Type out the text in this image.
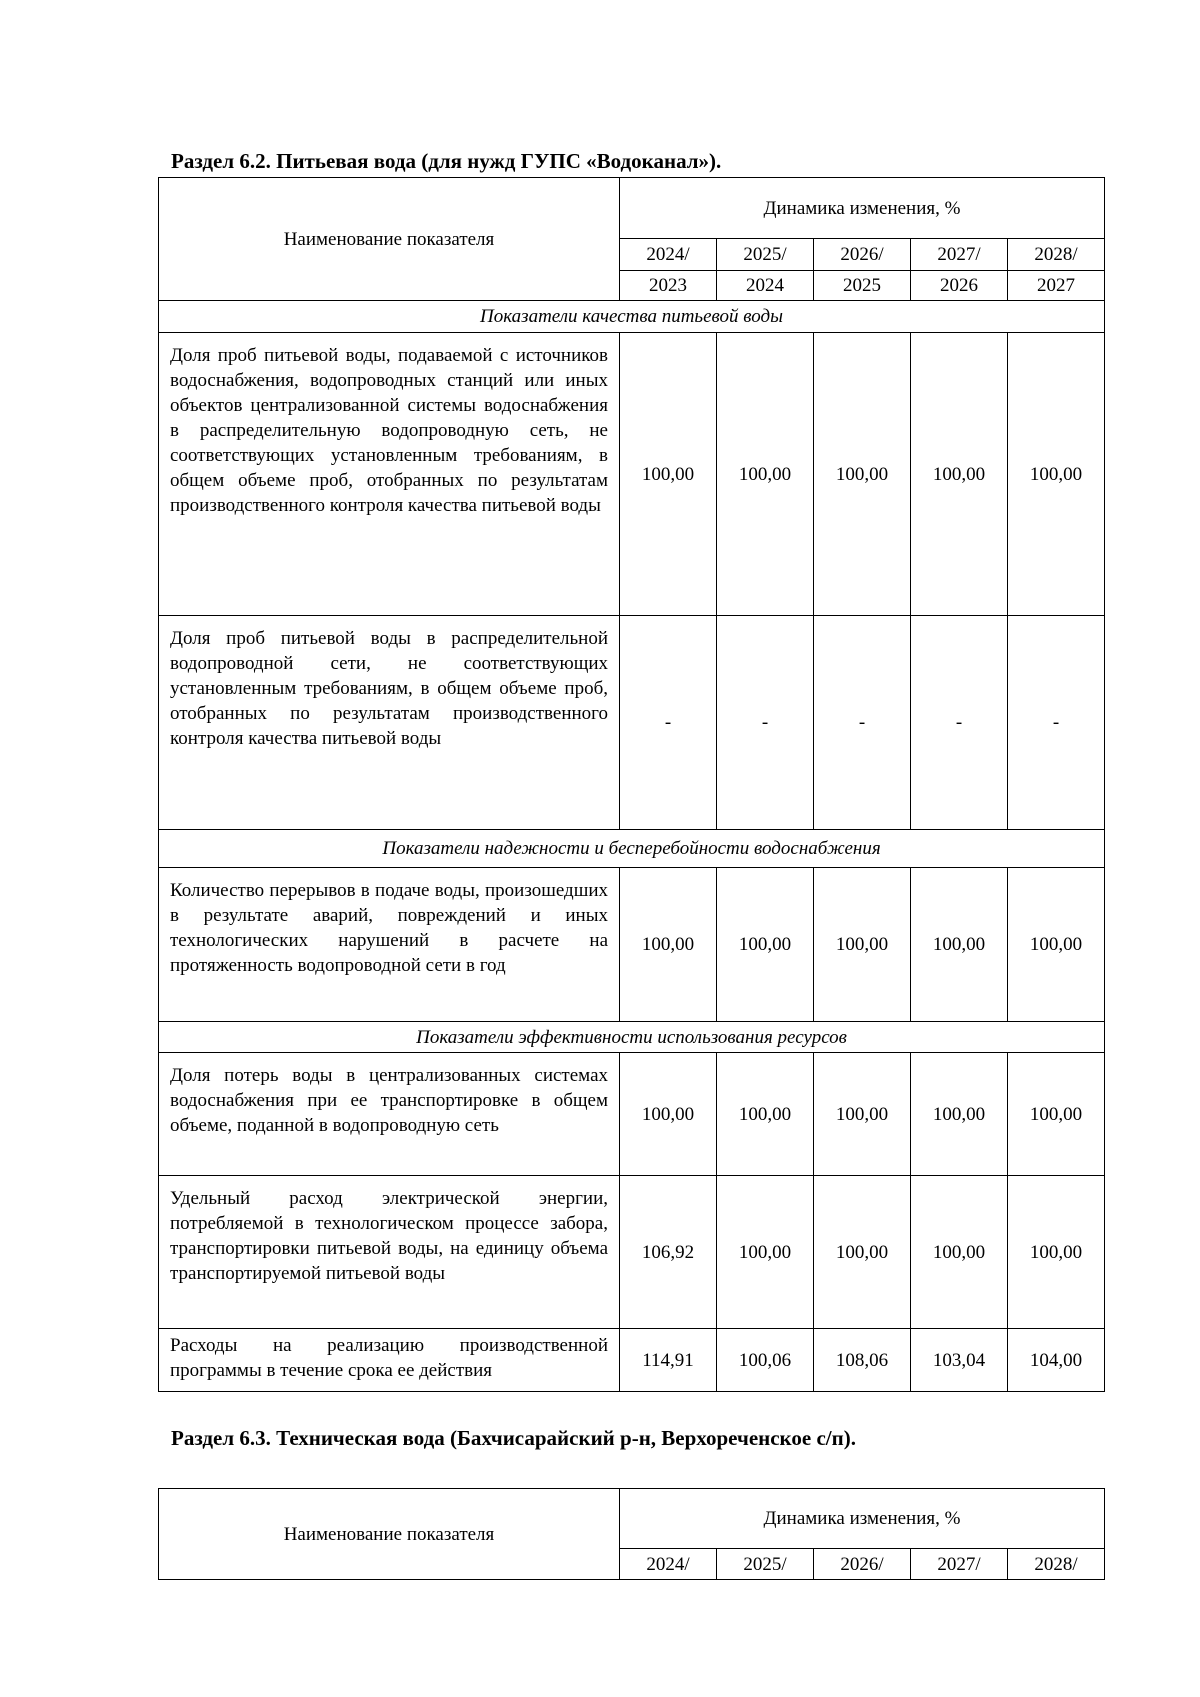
Раздел 6.2. Питьевая вода (для нужд ГУПС «Водоканал»).
Наименование показателя	Динамика изменения, %				
	2024/	2025/	2026/	2027/	2028/
	2023	2024	2025	2026	2027
Показатели качества питьевой воды					
Доля проб питьевой воды, подаваемой с источников водоснабжения, водопроводных станций или иных объектов централизованной системы водоснабжения в распределительную водопроводную сеть, не соответствующих установленным требованиям, в общем объеме проб, отобранных по результатам производственного контроля качества питьевой воды	100,00	100,00	100,00	100,00	100,00
Доля проб питьевой воды в распределительной водопроводной сети, не соответствующих установленным требованиям, в общем объеме проб, отобранных по результатам производственного контроля качества питьевой воды	-	-	-	-	-
Показатели надежности и бесперебойности водоснабжения					
Количество перерывов в подаче воды, произошедших в результате аварий, повреждений и иных технологических нарушений в расчете на протяженность водопроводной сети в год	100,00	100,00	100,00	100,00	100,00
Показатели эффективности использования ресурсов					
Доля потерь воды в централизованных системах водоснабжения при ее транспортировке в общем объеме, поданной в водопроводную сеть	100,00	100,00	100,00	100,00	100,00
Удельный расход электрической энергии, потребляемой в технологическом процессе забора, транспортировки питьевой воды, на единицу объема транспортируемой питьевой воды	106,92	100,00	100,00	100,00	100,00
Расходы на реализацию производственной программы в течение срока ее действия	114,91	100,06	108,06	103,04	104,00
Раздел 6.3. Техническая вода (Бахчисарайский р-н, Верхореченское с/п).
Наименование показателя	Динамика изменения, %				
	2024/	2025/	2026/	2027/	2028/
